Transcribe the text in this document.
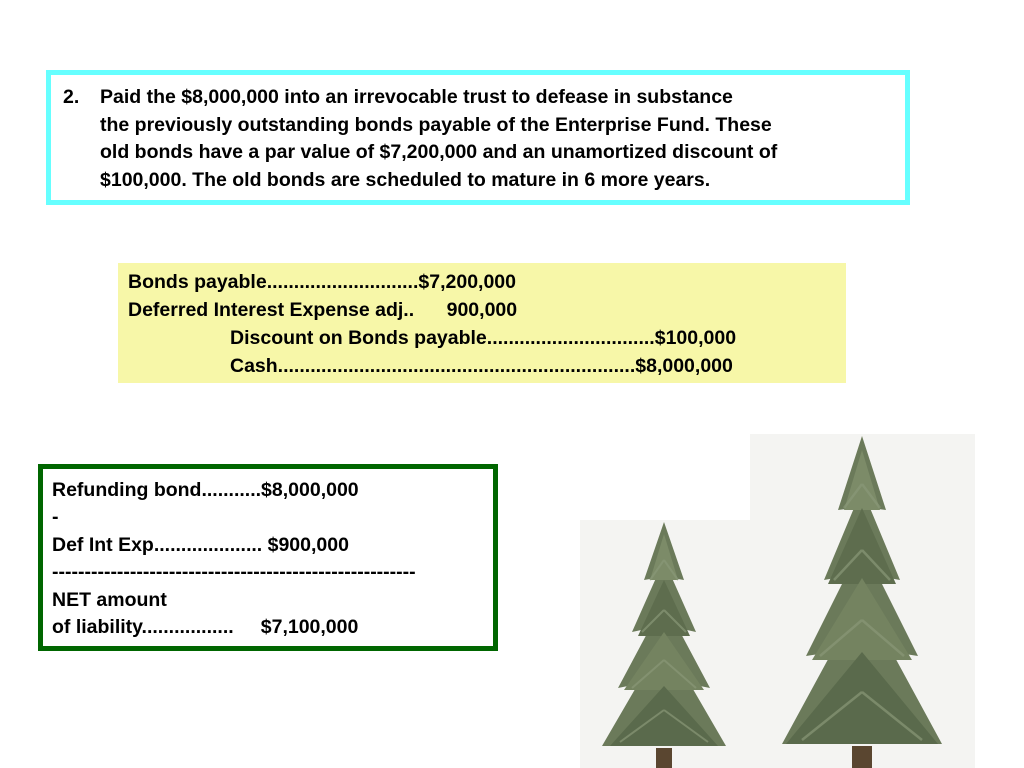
2. Paid the $8,000,000 into an irrevocable trust to defease in substance
the previously outstanding bonds payable of the Enterprise Fund. These
old bonds have a par value of $7,200,000 and an unamortized discount of
$100,000. The old bonds are scheduled to mature in 6 more years.
Bonds payable............................$7,200,000
Deferred Interest Expense adj..      900,000
Discount on Bonds payable...............................$100,000
Cash..................................................................$8,000,000
Refunding bond...........$8,000,000
-
Def Int Exp.................... $900,000
--------------------------------------------------------
NET amount
of liability.................     $7,100,000
